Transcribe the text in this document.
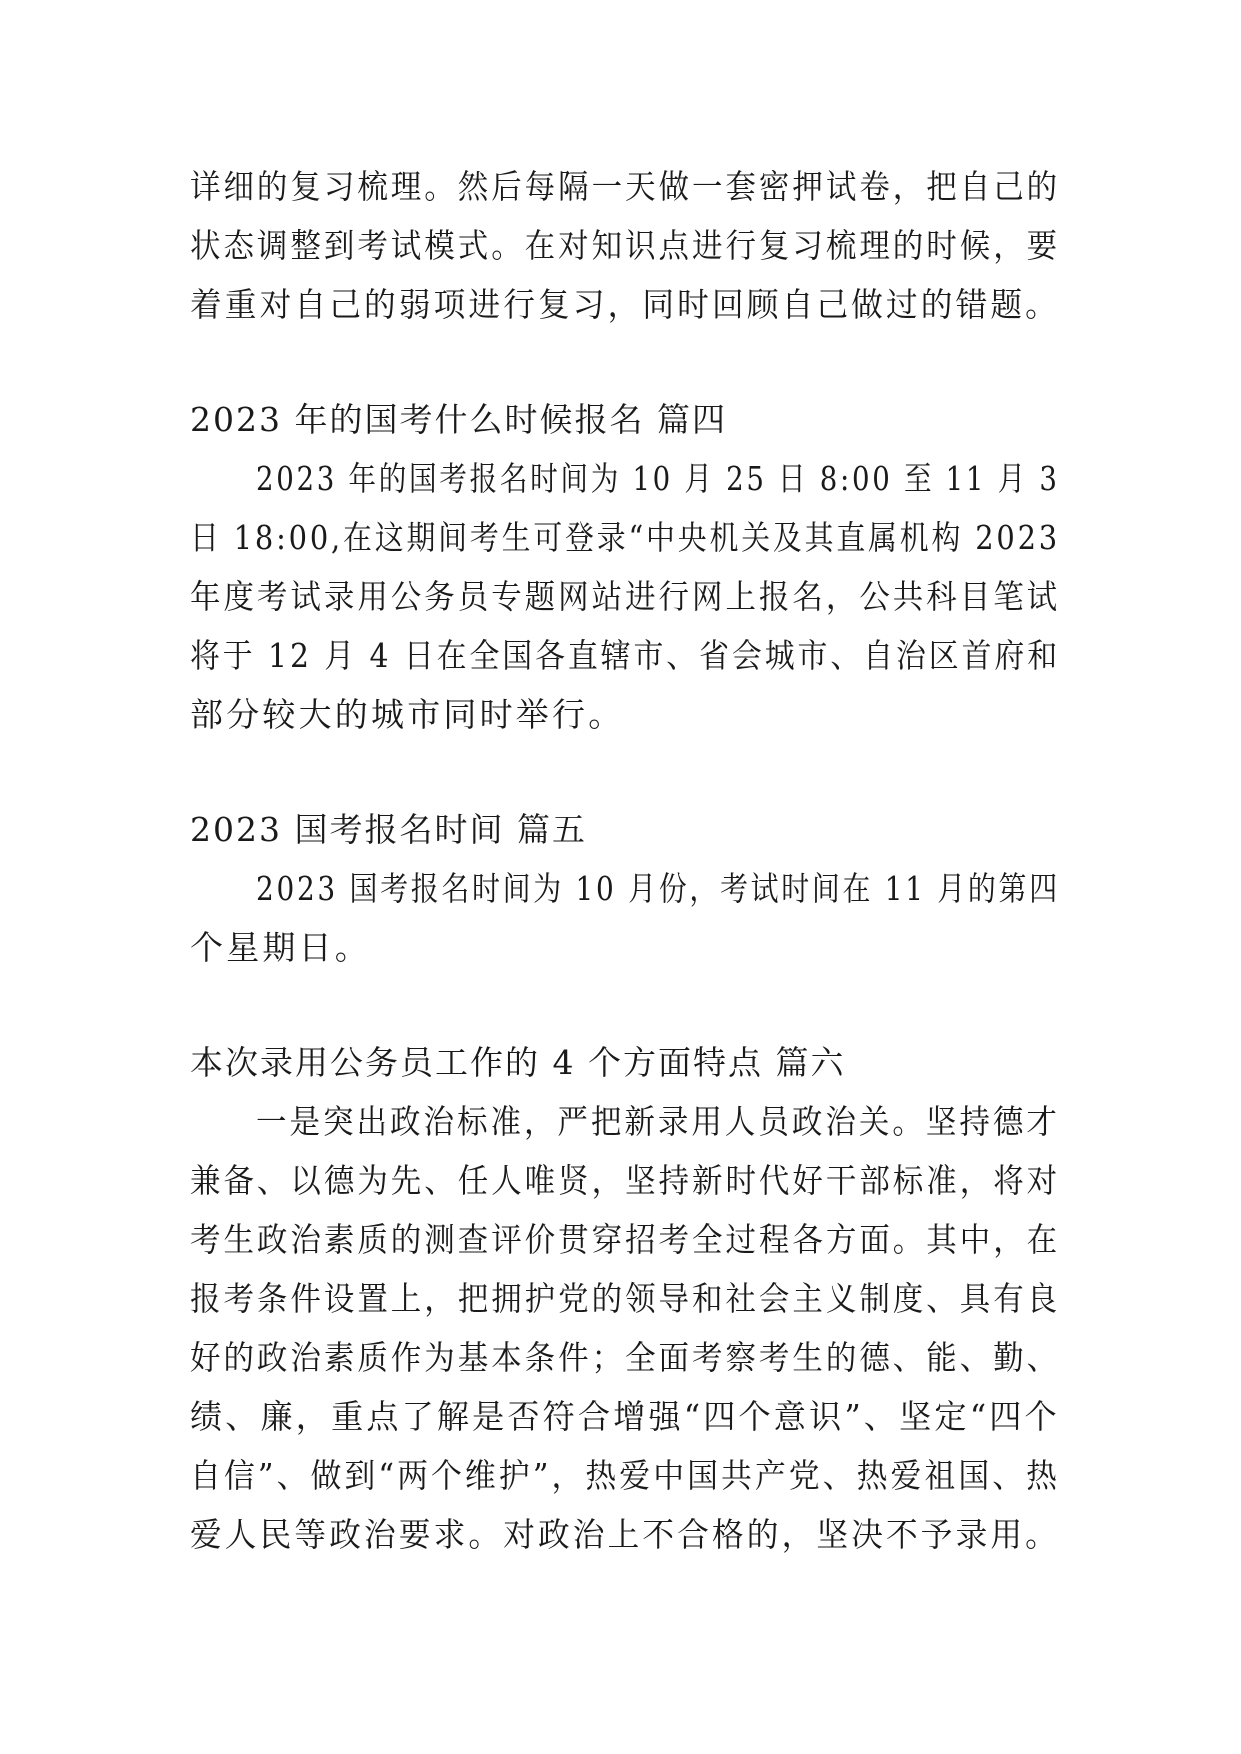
详细的复习梳理。然后每隔一天做一套密押试卷，把自己的
状态调整到考试模式。在对知识点进行复习梳理的时候，要
着重对自己的弱项进行复习，同时回顾自己做过的错题。
2023 年的国考什么时候报名 篇四
2023 年的国考报名时间为 10 月 25 日 8:00 至 11 月 3
日 18:00,在这期间考生可登录“中央机关及其直属机构 2023
年度考试录用公务员专题网站进行网上报名，公共科目笔试
将于 12 月 4 日在全国各直辖市、省会城市、自治区首府和
部分较大的城市同时举行。
2023 国考报名时间 篇五
2023 国考报名时间为 10 月份，考试时间在 11 月的第四
个星期日。
本次录用公务员工作的 4 个方面特点 篇六
一是突出政治标准，严把新录用人员政治关。坚持德才
兼备、以德为先、任人唯贤，坚持新时代好干部标准，将对
考生政治素质的测查评价贯穿招考全过程各方面。其中，在
报考条件设置上，把拥护党的领导和社会主义制度、具有良
好的政治素质作为基本条件；全面考察考生的德、能、勤、
绩、廉，重点了解是否符合增强“四个意识”、坚定“四个
自信”、做到“两个维护”，热爱中国共产党、热爱祖国、热
爱人民等政治要求。对政治上不合格的，坚决不予录用。
